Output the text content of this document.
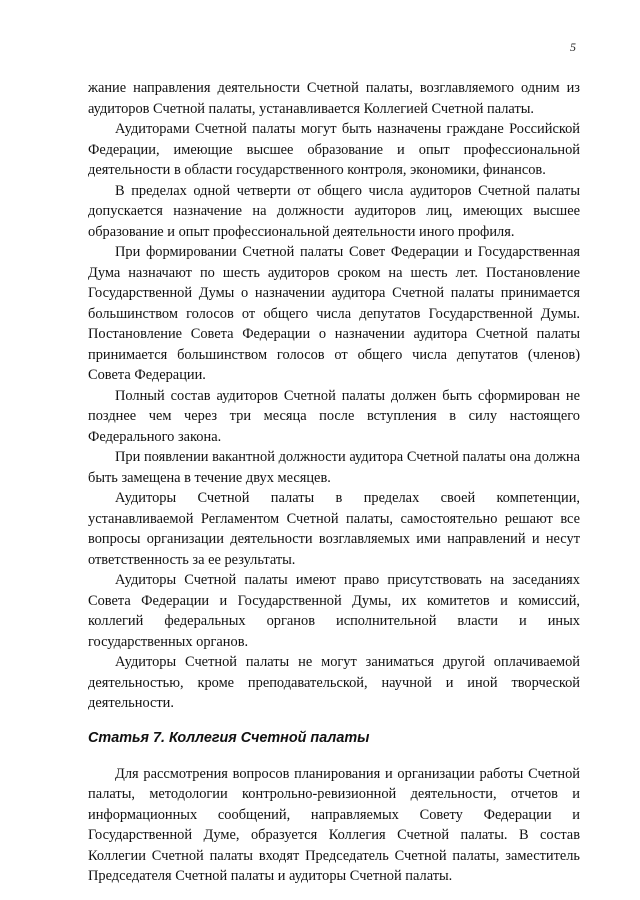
5

жание направления деятельности Счетной палаты, возглавляемого одним из аудиторов Счетной палаты, устанавливается Коллегией Счетной палаты.

Аудиторами Счетной палаты могут быть назначены граждане Российской Федерации, имеющие высшее образование и опыт профессиональной деятельности в области государственного контроля, экономики, финансов.

В пределах одной четверти от общего числа аудиторов Счетной палаты допускается назначение на должности аудиторов лиц, имеющих высшее образование и опыт профессиональной деятельности иного профиля.

При формировании Счетной палаты Совет Федерации и Государственная Дума назначают по шесть аудиторов сроком на шесть лет. Постановление Государственной Думы о назначении аудитора Счетной палаты принимается большинством голосов от общего числа депутатов Государственной Думы. Постановление Совета Федерации о назначении аудитора Счетной палаты принимается большинством голосов от общего числа депутатов (членов) Совета Федерации.

Полный состав аудиторов Счетной палаты должен быть сформирован не позднее чем через три месяца после вступления в силу настоящего Федерального закона.

При появлении вакантной должности аудитора Счетной палаты она должна быть замещена в течение двух месяцев.

Аудиторы Счетной палаты в пределах своей компетенции, устанавливаемой Регламентом Счетной палаты, самостоятельно решают все вопросы организации деятельности возглавляемых ими направлений и несут ответственность за ее результаты.

Аудиторы Счетной палаты имеют право присутствовать на заседаниях Совета Федерации и Государственной Думы, их комитетов и комиссий, коллегий федеральных органов исполнительной власти и иных государственных органов.

Аудиторы Счетной палаты не могут заниматься другой оплачиваемой деятельностью, кроме преподавательской, научной и иной творческой деятельности.

Статья 7. Коллегия Счетной палаты

Для рассмотрения вопросов планирования и организации работы Счетной палаты, методологии контрольно-ревизионной деятельности, отчетов и информационных сообщений, направляемых Совету Федерации и Государственной Думе, образуется Коллегия Счетной палаты. В состав Коллегии Счетной палаты входят Председатель Счетной палаты, заместитель Председателя Счетной палаты и аудиторы Счетной палаты.
